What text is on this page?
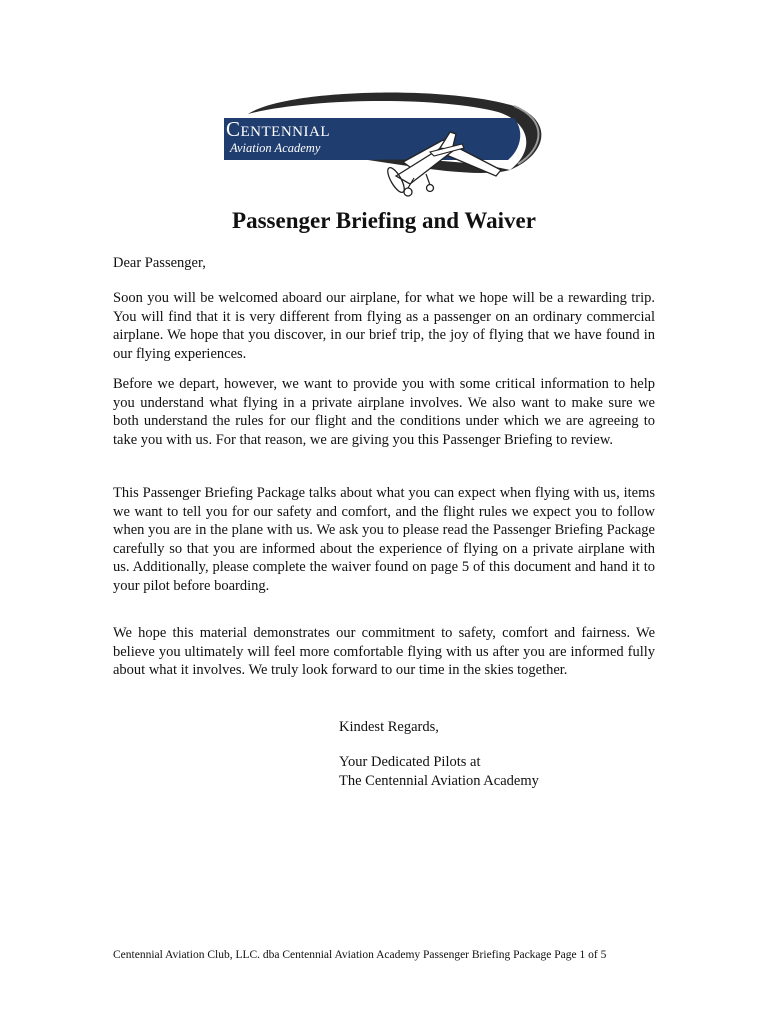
Centennial
Aviation Academy
Passenger Briefing and Waiver

Dear Passenger,

Soon you will be welcomed aboard our airplane, for what we hope will be a rewarding trip. You will find that it is very different from flying as a passenger on an ordinary commercial airplane. We hope that you discover, in our brief trip, the joy of flying that we have found in our flying experiences.

Before we depart, however, we want to provide you with some critical information to help you understand what flying in a private airplane involves. We also want to make sure we both understand the rules for our flight and the conditions under which we are agreeing to take you with us. For that reason, we are giving you this Passenger Briefing to review.

This Passenger Briefing Package talks about what you can expect when flying with us, items we want to tell you for our safety and comfort, and the flight rules we expect you to follow when you are in the plane with us. We ask you to please read the Passenger Briefing Package carefully so that you are informed about the experience of flying on a private airplane with us. Additionally, please complete the waiver found on page 5 of this document and hand it to your pilot before boarding.

We hope this material demonstrates our commitment to safety, comfort and fairness. We believe you ultimately will feel more comfortable flying with us after you are informed fully about what it involves. We truly look forward to our time in the skies together.

Kindest Regards,

Your Dedicated Pilots at

The Centennial Aviation Academy

Centennial Aviation Club, LLC. dba Centennial Aviation Academy Passenger Briefing Package Page 1 of 5
